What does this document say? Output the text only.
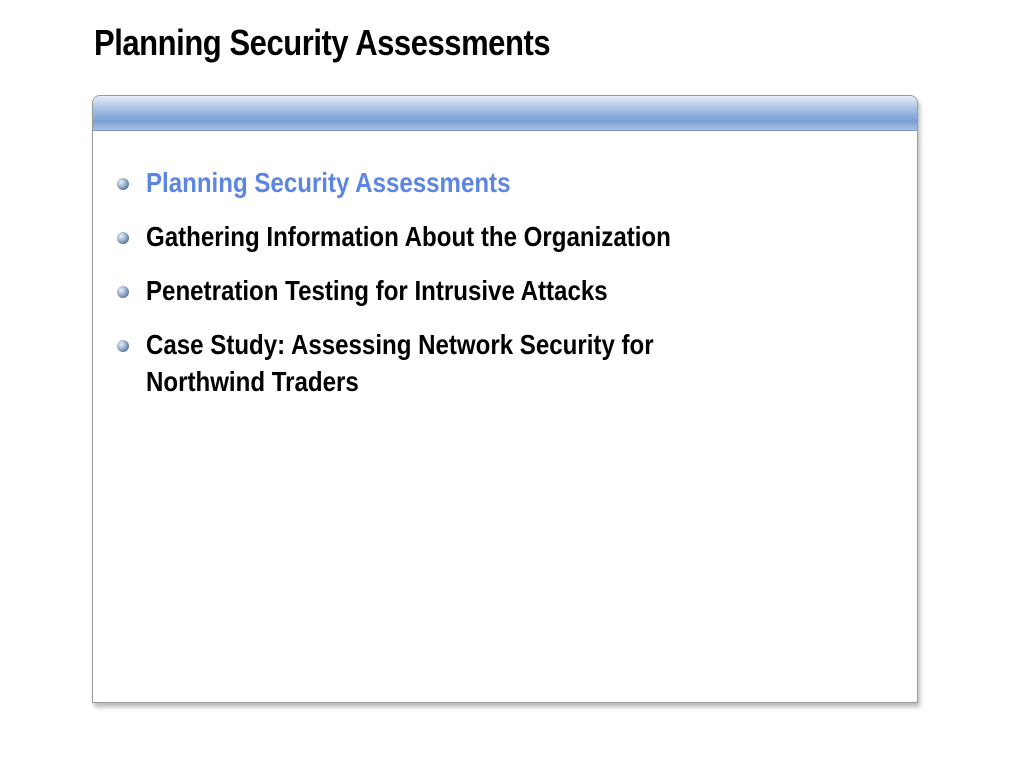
Planning Security Assessments
Planning Security Assessments
Gathering Information About the Organization
Penetration Testing for Intrusive Attacks
Case Study: Assessing Network Security for
Northwind Traders
